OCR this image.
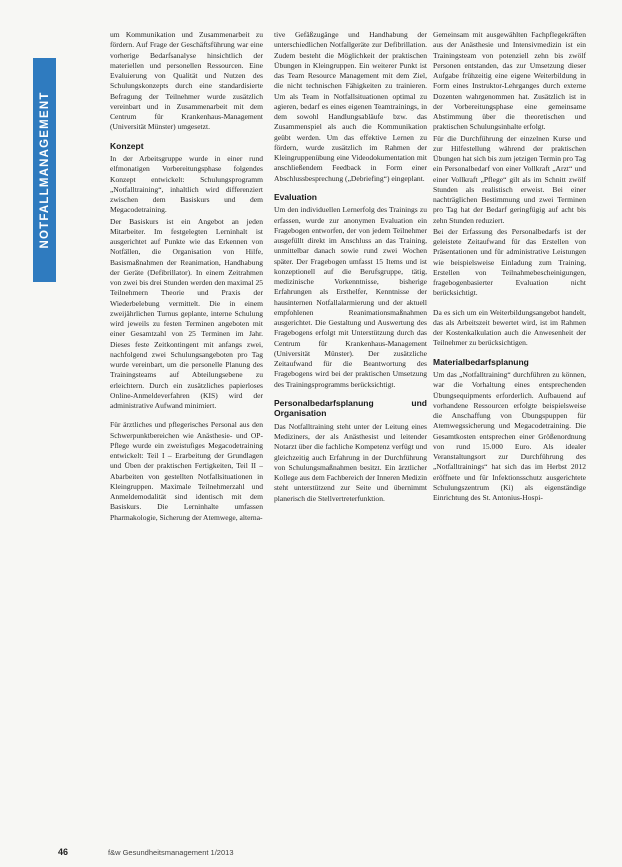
NOTFALLMANAGEMENT

um Kommunikation und Zusammenarbeit zu fördern. Auf Frage der Geschäftsführung war eine vorherige Bedarfsanalyse hinsichtlich der materiellen und personellen Ressourcen. Eine Evaluierung von Qualität und Nutzen des Schulungskonzepts durch eine standardisierte Befragung der Teilnehmer wurde zusätzlich vereinbart und in Zusammenarbeit mit dem Centrum für Krankenhaus-Management (Universität Münster) umgesetzt.

Konzept

In der Arbeitsgruppe wurde in einer rund elfmonatigen Vorbereitungsphase folgendes Konzept entwickelt: Schulungsprogramm „Notfalltraining“, inhaltlich wird differenziert zwischen dem Basiskurs und dem Megacodetraining.

Der Basiskurs ist ein Angebot an jeden Mitarbeiter. Im festgelegten Lerninhalt ist ausgerichtet auf Punkte wie das Erkennen von Notfällen, die Organisation von Hilfe, Basismaßnahmen der Reanimation, Handhabung der Geräte (Defibrillator). In einem Zeitrahmen von zwei bis drei Stunden werden den maximal 25 Teilnehmern Theorie und Praxis der Wiederbelebung vermittelt. Die in einem zweijährlichen Turnus geplante, interne Schulung wird jeweils zu festen Terminen angeboten mit einer Gesamtzahl von 25 Terminen im Jahr. Dieses feste Zeitkontingent mit anfangs zwei, nachfolgend zwei Schulungsangeboten pro Tag wurde vereinbart, um die personelle Planung des Trainingsteams auf Abteilungsebene zu erleichtern. Durch ein zusätzliches papierloses Online-Anmeldeverfahren (KIS) wird der administrative Aufwand minimiert.

Für ärztliches und pflegerisches Personal aus den Schwerpunktbereichen wie Anästhesie- und OP-Pflege wurde ein zweistufiges Megacodetraining entwickelt: Teil I – Erarbeitung der Grundlagen und Üben der praktischen Fertigkeiten, Teil II – Abarbeiten von gestellten Notfallsituationen in Kleingruppen. Maximale Teilnehmerzahl und Anmeldemodalität sind identisch mit dem Basiskurs. Die Lerninhalte umfassen Pharmakologie, Sicherung der Atemwege, alterna-

tive Gefäßzugänge und Handhabung der unterschiedlichen Notfallgeräte zur Defibrillation. Zudem besteht die Möglichkeit der praktischen Übungen in Kleingruppen. Ein weiterer Punkt ist das Team Resource Management mit dem Ziel, die nicht technischen Fähigkeiten zu trainieren. Um als Team in Notfallsituationen optimal zu agieren, bedarf es eines eigenen Teamtrainings, in dem sowohl Handlungsabläufe bzw. das Zusammenspiel als auch die Kommunikation geübt werden. Um das effektive Lernen zu fördern, wurde zusätzlich im Rahmen der Kleingruppenübung eine Videodokumentation mit anschließendem Feedback in Form einer Abschlussbesprechung („Debriefing“) eingeplant.

Evaluation

Um den individuellen Lernerfolg des Trainings zu erfassen, wurde zur anonymen Evaluation ein Fragebogen entworfen, der von jedem Teilnehmer ausgefüllt direkt im Anschluss an das Training, unmittelbar danach sowie rund zwei Wochen später. Der Fragebogen umfasst 15 Items und ist konzeptionell auf die Berufsgruppe, tätig, medizinische Vorkenntnisse, bisherige Erfahrungen als Ersthelfer, Kenntnisse der hausinternen Notfallalarmierung und der aktuell empfohlenen Reanimationsmaßnahmen ausgerichtet. Die Gestaltung und Auswertung des Fragebogens erfolgt mit Unterstützung durch das Centrum für Krankenhaus-Management (Universität Münster). Der zusätzliche Zeitaufwand für die Beantwortung des Fragebogens wird bei der praktischen Umsetzung des Trainingsprogramms berücksichtigt.

Personalbedarfsplanung und Organisation

Das Notfalltraining steht unter der Leitung eines Mediziners, der als Anästhesist und leitender Notarzt über die fachliche Kompetenz verfügt und gleichzeitig auch Erfahrung in der Durchführung von Schulungsmaßnahmen besitzt. Ein ärztlicher Kollege aus dem Fachbereich der Inneren Medizin steht unterstützend zur Seite und übernimmt planerisch die Stellvertreterfunktion.

Gemeinsam mit ausgewählten Fachpflegekräften aus der Anästhesie und Intensivmedizin ist ein Trainingsteam von potenziell zehn bis zwölf Personen entstanden, das zur Umsetzung dieser Aufgabe frühzeitig eine eigene Weiterbildung in Form eines Instruktor-Lehrganges durch externe Dozenten wahrgenommen hat. Zusätzlich ist in der Vorbereitungsphase eine gemeinsame Abstimmung über die theoretischen und praktischen Schulungsinhalte erfolgt.

Für die Durchführung der einzelnen Kurse und zur Hilfestellung während der praktischen Übungen hat sich bis zum jetzigen Termin pro Tag ein Personalbedarf von einer Vollkraft „Arzt“ und einer Vollkraft „Pflege“ gilt als im Schnitt zwölf Stunden als realistisch erweist. Bei einer nachträglichen Bestimmung und zwei Terminen pro Tag hat der Bedarf geringfügig auf acht bis zehn Stunden reduziert.

Bei der Erfassung des Personalbedarfs ist der geleistete Zeitaufwand für das Erstellen von Präsentationen und für administrative Leistungen wie beispielsweise Einladung zum Training, Erstellen von Teilnahmebescheinigungen, fragebogenbasierter Evaluation nicht berücksichtigt.

Da es sich um ein Weiterbildungsangebot handelt, das als Arbeitszeit bewertet wird, ist im Rahmen der Kostenkalkulation auch die Anwesenheit der Teilnehmer zu berücksichtigen.

Materialbedarfsplanung

Um das „Notfalltraining“ durchführen zu können, war die Vorhaltung eines entsprechenden Übungsequipments erforderlich. Aufbauend auf vorhandene Ressourcen erfolgte beispielsweise die Anschaffung von Übungspuppen für Atemwegssicherung und Megacodetraining. Die Gesamtkosten entsprechen einer Größenordnung von rund 15.000 Euro. Als idealer Veranstaltungsort zur Durchführung des „Notfalltrainings“ hat sich das im Herbst 2012 eröffnete und für Infektionsschutz ausgerichtete Schulungszentrum (Ki) als eigenständige Einrichtung des St. Antonius-Hospi-

46	f&w Gesundheitsmanagement 1/2013
